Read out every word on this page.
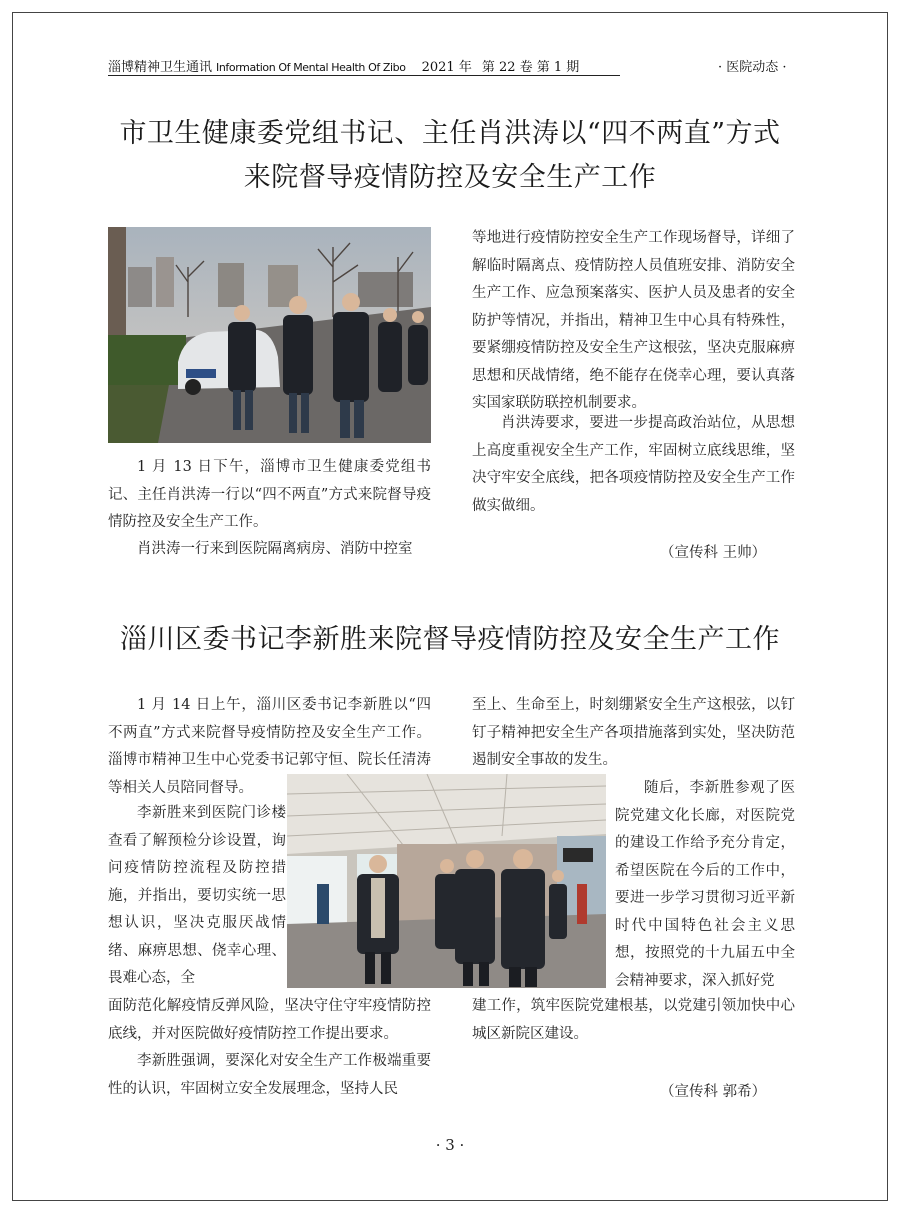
淄博精神卫生通讯 Information Of Mental Health Of Zibo 2021 年 第 22 卷 第 1 期	· 医院动态 ·
市卫生健康委党组书记、主任肖洪涛以“四不两直”方式
来院督导疫情防控及安全生产工作

1 月 13 日下午，淄博市卫生健康委党组书记、主任肖洪涛一行以“四不两直”方式来院督导疫情防控及安全生产工作。

肖洪涛一行来到医院隔离病房、消防中控室

等地进行疫情防控安全生产工作现场督导，详细了解临时隔离点、疫情防控人员值班安排、消防安全生产工作、应急预案落实、医护人员及患者的安全防护等情况，并指出，精神卫生中心具有特殊性，要紧绷疫情防控及安全生产这根弦，坚决克服麻痹思想和厌战情绪，绝不能存在侥幸心理，要认真落实国家联防联控机制要求。

肖洪涛要求，要进一步提高政治站位，从思想上高度重视安全生产工作，牢固树立底线思维，坚决守牢安全底线，把各项疫情防控及安全生产工作做实做细。

（宣传科 王帅）
淄川区委书记李新胜来院督导疫情防控及安全生产工作

1 月 14 日上午，淄川区委书记李新胜以“四不两直”方式来院督导疫情防控及安全生产工作。淄博市精神卫生中心党委书记郭守恒、院长任清涛等相关人员陪同督导。

李新胜来到医院门诊楼查看了解预检分诊设置，询问疫情防控流程及防控措施，并指出，要切实统一思想认识，坚决克服厌战情绪、麻痹思想、侥幸心理、畏难心态，全

面防范化解疫情反弹风险，坚决守住守牢疫情防控底线，并对医院做好疫情防控工作提出要求。

李新胜强调，要深化对安全生产工作极端重要性的认识，牢固树立安全发展理念，坚持人民

至上、生命至上，时刻绷紧安全生产这根弦，以钉钉子精神把安全生产各项措施落到实处，坚决防范遏制安全事故的发生。

随后，李新胜参观了医院党建文化长廊，对医院党的建设工作给予充分肯定，希望医院在今后的工作中，要进一步学习贯彻习近平新时代中国特色社会主义思想，按照党的十九届五中全会精神要求，深入抓好党

建工作，筑牢医院党建根基，以党建引领加快中心城区新院区建设。

（宣传科 郭希）
· 3 ·
